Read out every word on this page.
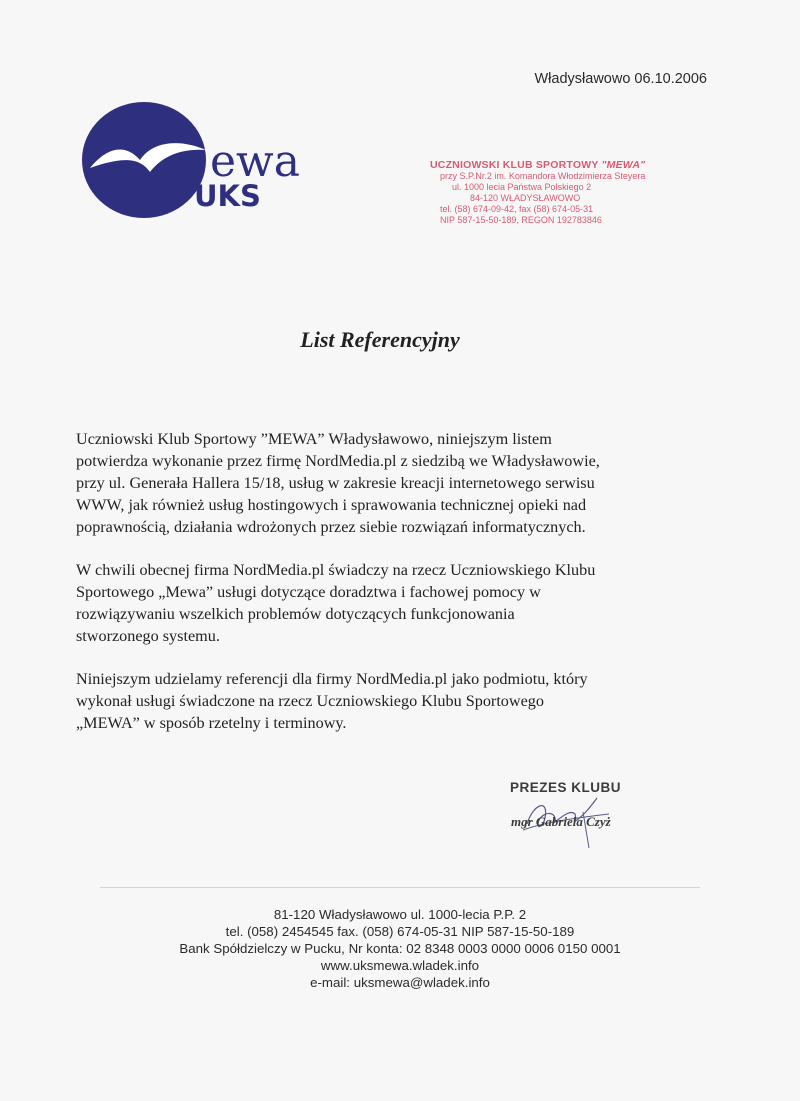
Władysławowo 06.10.2006
ewa
UKS
UCZNIOWSKI KLUB SPORTOWY "MEWA"
przy S.P.Nr.2 im. Komandora Włodzimierza Steyera
ul. 1000 lecia Państwa Polskiego 2
84-120 WŁADYSŁAWOWO
tel. (58) 674-09-42, fax (58) 674-05-31
NIP 587-15-50-189, REGON 192783846
List Referencyjny
Uczniowski Klub Sportowy ”MEWA” Władysławowo, niniejszym listem
potwierdza wykonanie przez firmę NordMedia.pl z siedzibą we Władysławowie,
przy ul. Generała Hallera 15/18, usług w zakresie kreacji internetowego serwisu
WWW, jak również usług hostingowych i sprawowania technicznej opieki nad
poprawnością, działania wdrożonych przez siebie rozwiązań informatycznych.
W chwili obecnej firma NordMedia.pl świadczy na rzecz Uczniowskiego Klubu
Sportowego „Mewa” usługi dotyczące doradztwa i fachowej pomocy w
rozwiązywaniu wszelkich problemów dotyczących funkcjonowania
stworzonego systemu.
Niniejszym udzielamy referencji dla firmy NordMedia.pl jako podmiotu, który
wykonał usługi świadczone na rzecz Uczniowskiego Klubu Sportowego
„MEWA” w sposób rzetelny i terminowy.
PREZES KLUBU
mgr Gabriela Czyż
81-120 Władysławowo ul. 1000-lecia P.P. 2
tel. (058) 2454545 fax. (058) 674-05-31 NIP 587-15-50-189
Bank Spółdzielczy w Pucku, Nr konta: 02 8348 0003 0000 0006 0150 0001
www.uksmewa.wladek.info
e-mail: uksmewa@wladek.info
